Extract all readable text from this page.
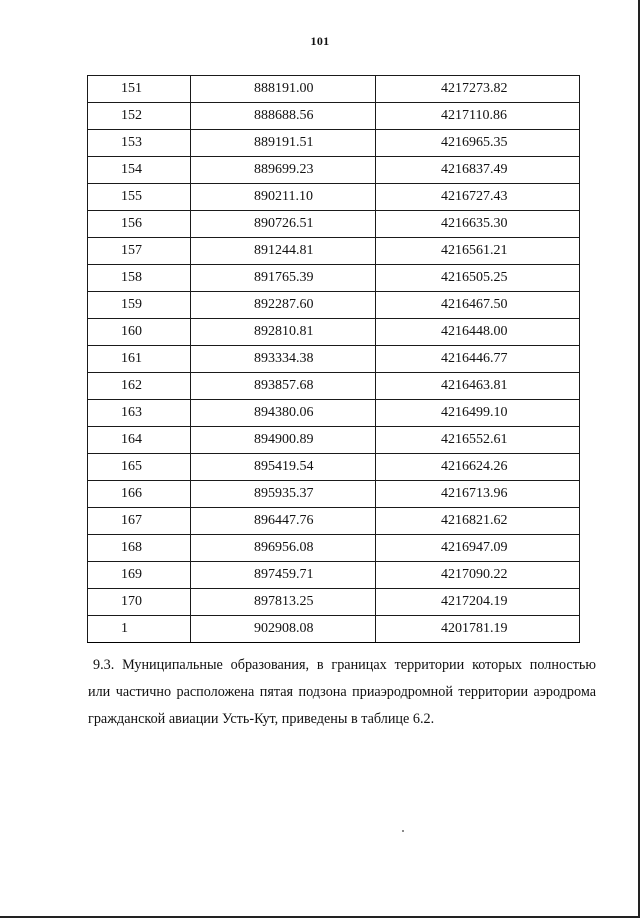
101
151	888191.00	4217273.82
152	888688.56	4217110.86
153	889191.51	4216965.35
154	889699.23	4216837.49
155	890211.10	4216727.43
156	890726.51	4216635.30
157	891244.81	4216561.21
158	891765.39	4216505.25
159	892287.60	4216467.50
160	892810.81	4216448.00
161	893334.38	4216446.77
162	893857.68	4216463.81
163	894380.06	4216499.10
164	894900.89	4216552.61
165	895419.54	4216624.26
166	895935.37	4216713.96
167	896447.76	4216821.62
168	896956.08	4216947.09
169	897459.71	4217090.22
170	897813.25	4217204.19
1	902908.08	4201781.19
9.3. Муниципальные образования, в границах территории которых полностью
или частично расположена пятая подзона приаэродромной территории аэродрома
гражданской авиации Усть-Кут, приведены в таблице 6.2.
